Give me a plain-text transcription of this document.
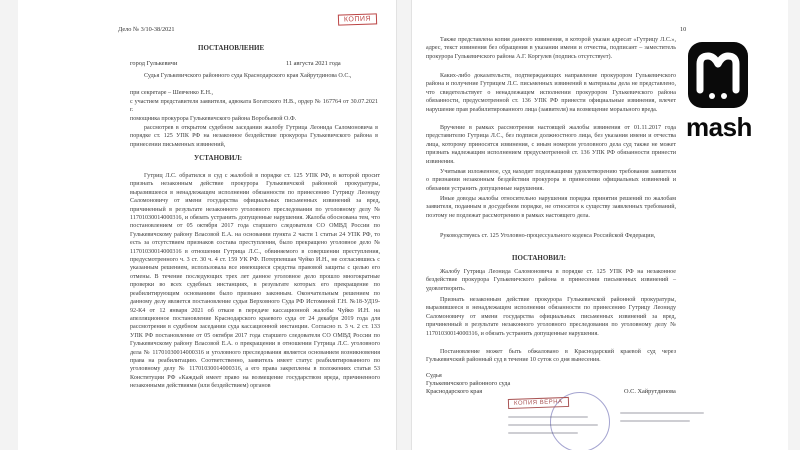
Дело № 3/10-38/2021
КОПИЯ
ПОСТАНОВЛЕНИЕ
город Гулькевичи	11 августа 2021 года
Судья Гулькевичского районного суда Краснодарского края Хайрутдинова О.С.,
при секретаре – Шевченко Е.Н.,
с участием представителя заявителя, адвоката Богатского Н.В., ордер № 167764 от 30.07.2021 г.
помощника прокурора Гулькевичского района Воробьевой О.Ф.
рассмотрев в открытом судебном заседании жалобу Гутрица Леонида Саломоновича в порядке ст. 125 УПК РФ на незаконное бездействие прокурора Гулькевичского района в принесении письменных извинений,
УСТАНОВИЛ:
Гутриц Л.С. обратился в суд с жалобой в порядке ст. 125 УПК РФ, в которой просит признать незаконным действие прокурора Гулькевичской районной прокуратуры, выразившееся в ненадлежащем исполнении обязанности по принесению Гутрицу Леониду Саломоновичу от имени государства официальных письменных извинений за вред, причиненный в результате незаконного уголовного преследования по уголовному делу № 11701030014000316, и обязать устранить допущенные нарушения. Жалоба обоснована тем, что постановлением от 05 октября 2017 года старшего следователя СО ОМВД России по Гулькевичскому району Власовой Е.А. на основании пункта 2 части 1 статьи 24 УПК РФ, то есть за отсутствием признаков состава преступления, было прекращено уголовное дело № 11701030014000316 в отношении Гутрица Л.С., обвиняемого в совершении преступления, предусмотренного ч. 3 ст. 30 ч. 4 ст. 159 УК РФ. Потерпевшая Чуйко И.Н., не согласившись с указанным решением, использовала все имеющиеся средства правовой защиты с целью его отмены. В течение последующих трех лет данное уголовное дело прошло многократные проверки во всех судебных инстанциях, в результате которых его прекращение по реабилитирующим основаниям было признано законным. Окончательным решением по данному делу является постановление судьи Верховного Суда РФ Истоминой Г.Н. №18-УД19-92-К4 от 12 января 2021 об отказе в передаче кассационной жалобы Чуйко И.Н. на апелляционное постановление Краснодарского краевого суда от 24 декабря 2019 года для рассмотрения в судебном заседании суда кассационной инстанции. Согласно п. 3 ч. 2 ст. 133 УПК РФ постановление от 05 октября 2017 года старшего следователя СО ОМВД России по Гулькевичскому району Власовой Е.А. о прекращении в отношении Гутрица Л.С. уголовного дела № 11701030014000316 и уголовного преследования является основанием возникновения права на реабилитацию. Соответственно, заявитель имеет статус реабилитированного по уголовному делу № 11701030014000316, а его права закреплены в положениях статьи 53 Конституции РФ «Каждый имеет право на возмещение государством вреда, причиненного незаконными действиями (или бездействием) органов
10
Также представлена копия данного извинения, в которой указан адресат «Гутрицу Л.С.», адрес, текст извинения без обращения в указании имени и отчества, подписант – заместитель прокурора Гулькевичского района А.Г. Коргулев (подпись отсутствует).
Каких-либо доказательств, подтверждающих направление прокурором Гулькевичского района и получение Гутрицем Л.С. письменных извинений в материалы дела не представлено, что свидетельствует о ненадлежащем исполнении прокурором Гулькевичского района обязанности, предусмотренной ст. 136 УПК РФ принести официальные извинения, влечет нарушение прав реабилитированного лица (заявителя) на возмещение морального вреда.
Вручение в рамках рассмотрения настоящей жалобы извинения от 01.11.2017 года представителю Гутрица Л.С., без подписи должностного лица, без указания имени и отчества лица, которому приносятся извинения, с иным номером уголовного дела суд также не может признать надлежащим исполнением предусмотренной ст. 136 УПК РФ обязанности принести извинения.
Учитывая изложенное, суд находит подлежащими удовлетворению требования заявителя о признании незаконным бездействия прокурора и принесении официальных извинений и обязании устранить допущенные нарушения.
Иные доводы жалобы относительно нарушения порядка принятия решений по жалобам заявителя, поданным в досудебном порядке, не относятся к существу заявленных требований, поэтому не подлежат рассмотрению в рамках настоящего дела.
Руководствуясь ст. 125 Уголовно-процессуального кодекса Российской Федерации,
ПОСТАНОВИЛ:
Жалобу Гутрица Леонида Саломоновича в порядке ст. 125 УПК РФ на незаконное бездействие прокурора Гулькевичского района в принесении письменных извинений – удовлетворить.
Признать незаконным действие прокурора Гулькевичской районной прокуратуры, выразившееся в ненадлежащем исполнении обязанности по принесению Гутрицу Леониду Саломоновичу от имени государства официальных письменных извинений за вред, причиненный в результате незаконного уголовного преследования по уголовному делу № 11701030014000316, и обязать устранить допущенные нарушения.
Постановление может быть обжаловано в Краснодарский краевой суд через Гулькевичский районный суд в течение 10 суток со дня вынесения.
Судья
Гулькевичского районного суда
Краснодарского края	О.С. Хайрутдинова
КОПИЯ ВЕРНА
mash
